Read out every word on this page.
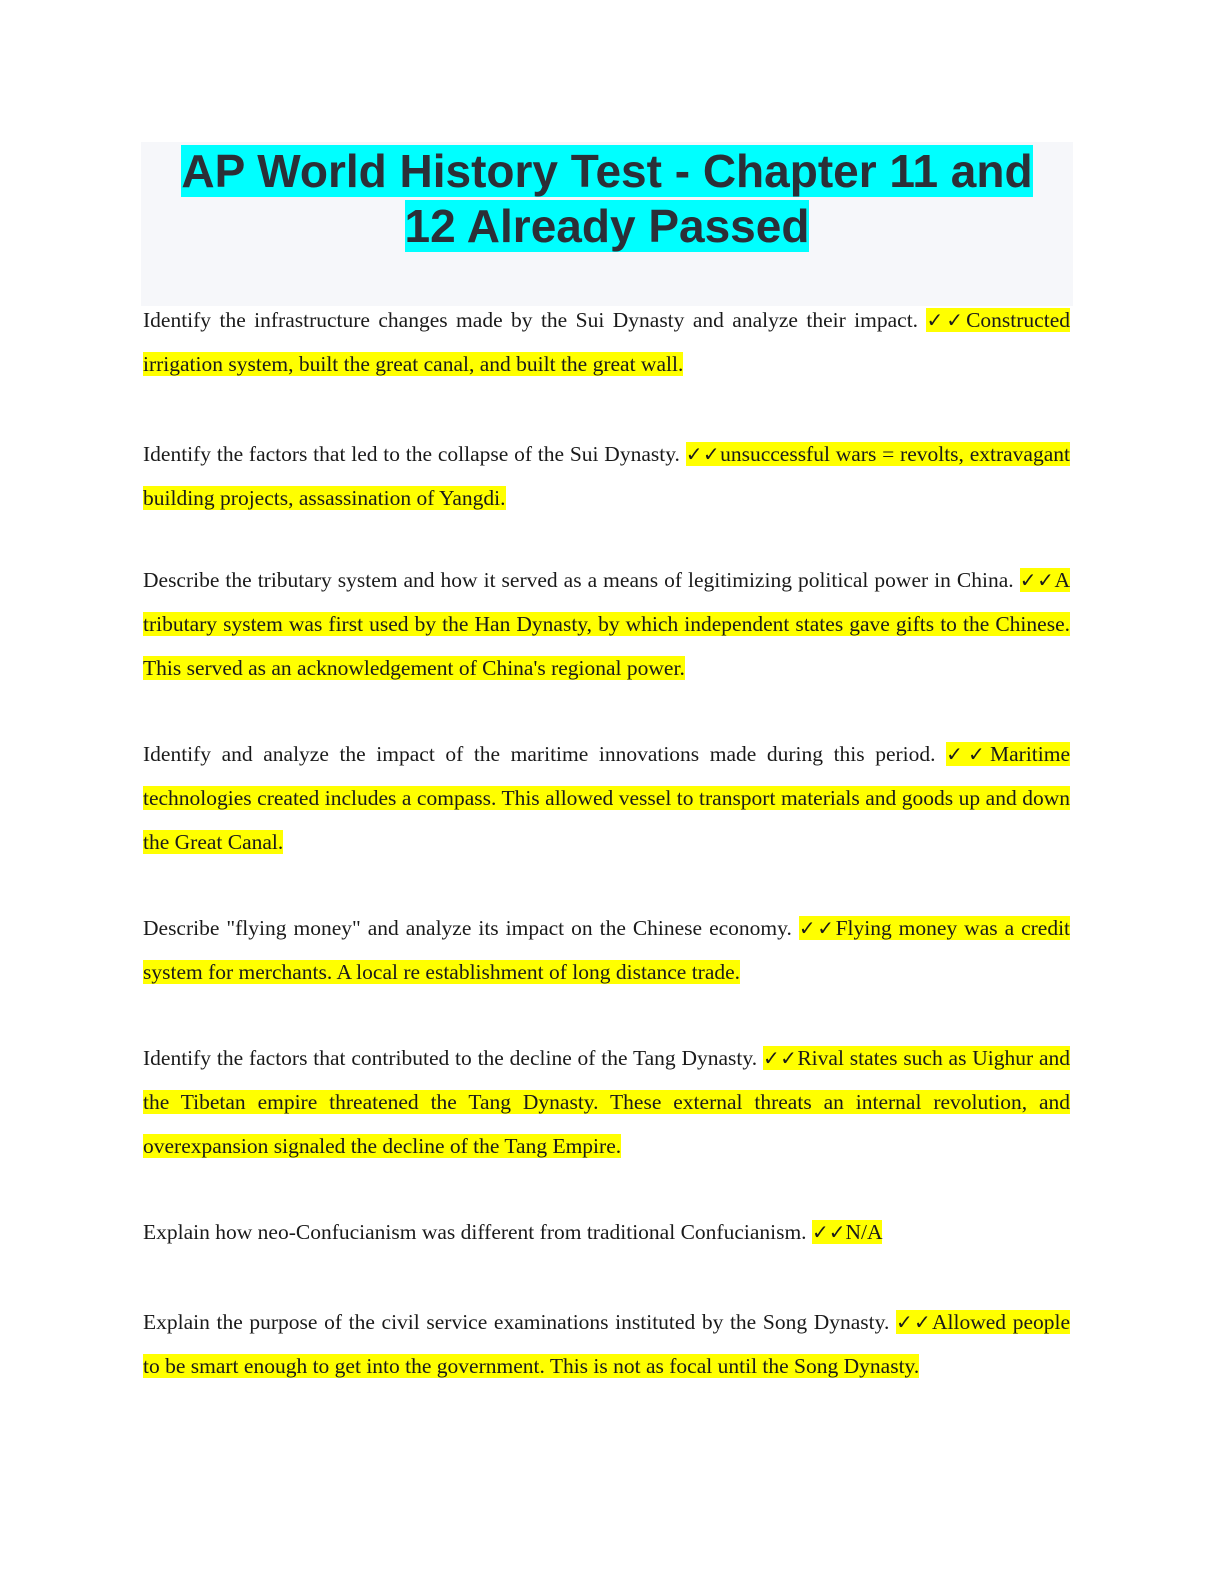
AP World History Test - Chapter 11 and
12 Already Passed

Identify the infrastructure changes made by the Sui Dynasty and analyze their impact. ✓✓Constructed irrigation system, built the great canal, and built the great wall.

Identify the factors that led to the collapse of the Sui Dynasty. ✓✓unsuccessful wars = revolts, extravagant building projects, assassination of Yangdi.

Describe the tributary system and how it served as a means of legitimizing political power in China. ✓✓A tributary system was first used by the Han Dynasty, by which independent states gave gifts to the Chinese. This served as an acknowledgement of China's regional power.

Identify and analyze the impact of the maritime innovations made during this period. ✓✓Maritime technologies created includes a compass. This allowed vessel to transport materials and goods up and down the Great Canal.

Describe "flying money" and analyze its impact on the Chinese economy. ✓✓Flying money was a credit system for merchants. A local re establishment of long distance trade.

Identify the factors that contributed to the decline of the Tang Dynasty. ✓✓Rival states such as Uighur and the Tibetan empire threatened the Tang Dynasty. These external threats an internal revolution, and overexpansion signaled the decline of the Tang Empire.

Explain how neo-Confucianism was different from traditional Confucianism. ✓✓N/A

Explain the purpose of the civil service examinations instituted by the Song Dynasty. ✓✓Allowed people to be smart enough to get into the government. This is not as focal until the Song Dynasty.
